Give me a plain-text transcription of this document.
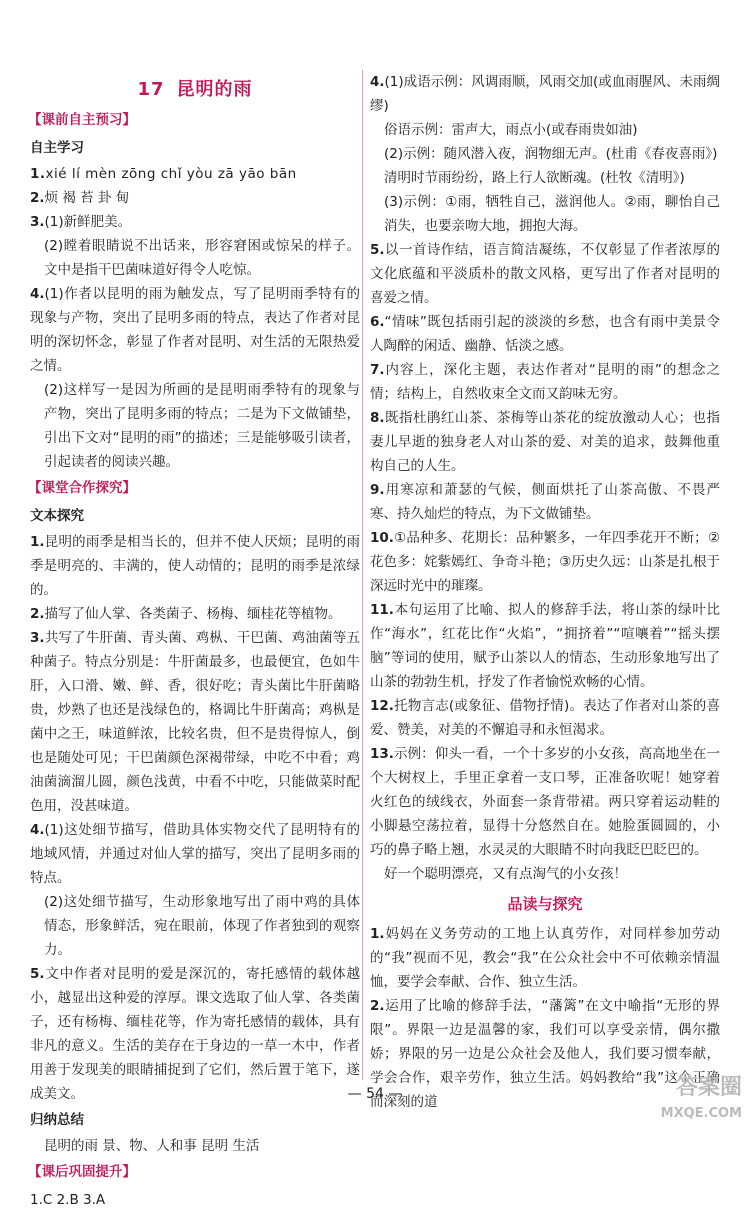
17 昆明的雨
【课前自主预习】
自主学习

1.xié lí mèn zōng chǐ yòu zā yāo bān

2.烦 褐 苔 卦 甸

3.(1)新鲜肥美。

(2)瞠着眼睛说不出话来，形容窘困或惊呆的样子。文中是指干巴菌味道好得令人吃惊。

4.(1)作者以昆明的雨为触发点，写了昆明雨季特有的现象与产物，突出了昆明多雨的特点，表达了作者对昆明的深切怀念，彰显了作者对昆明、对生活的无限热爱之情。

(2)这样写一是因为所画的是昆明雨季特有的现象与产物，突出了昆明多雨的特点；二是为下文做铺垫，引出下文对“昆明的雨”的描述；三是能够吸引读者，引起读者的阅读兴趣。

【课堂合作探究】
文本探究

1.昆明的雨季是相当长的，但并不使人厌烦；昆明的雨季是明亮的、丰满的，使人动情的；昆明的雨季是浓绿的。

2.描写了仙人掌、各类菌子、杨梅、缅桂花等植物。

3.共写了牛肝菌、青头菌、鸡枞、干巴菌、鸡油菌等五种菌子。特点分别是：牛肝菌最多，也最便宜，色如牛肝，入口滑、嫩、鲜、香，很好吃；青头菌比牛肝菌略贵，炒熟了也还是浅绿色的，格调比牛肝菌高；鸡枞是菌中之王，味道鲜浓，比较名贵，但不是贵得惊人，倒也是随处可见；干巴菌颜色深褐带绿，中吃不中看；鸡油菌滴溜儿圆，颜色浅黄，中看不中吃，只能做菜时配色用，没甚味道。

4.(1)这处细节描写，借助具体实物交代了昆明特有的地域风情，并通过对仙人掌的描写，突出了昆明多雨的特点。

(2)这处细节描写，生动形象地写出了雨中鸡的具体情态，形象鲜活，宛在眼前，体现了作者独到的观察力。

5.文中作者对昆明的爱是深沉的，寄托感情的载体越小，越显出这种爱的淳厚。课文选取了仙人掌、各类菌子，还有杨梅、缅桂花等，作为寄托感情的载体，具有非凡的意义。生活的美存在于身边的一草一木中，作者用善于发现美的眼睛捕捉到了它们，然后置于笔下，遂成美文。

归纳总结

昆明的雨 景、物、人和事 昆明 生活

【课后巩固提升】

1.C 2.B 3.A

4.(1)成语示例：风调雨顺，风雨交加(或血雨腥风、未雨绸缪)

俗语示例：雷声大，雨点小(或春雨贵如油)

(2)示例：随风潜入夜，润物细无声。(杜甫《春夜喜雨》)

清明时节雨纷纷，路上行人欲断魂。(杜牧《清明》)

(3)示例：①雨，牺牲自己，滋润他人。②雨，聊怡自己消失，也要亲吻大地，拥抱大海。

5.以一首诗作结，语言简洁凝练，不仅彰显了作者浓厚的文化底蕴和平淡质朴的散文风格，更写出了作者对昆明的喜爱之情。

6.“情味”既包括雨引起的淡淡的乡愁，也含有雨中美景令人陶醉的闲适、幽静、恬淡之感。

7.内容上，深化主题，表达作者对“昆明的雨”的想念之情；结构上，自然收束全文而又韵味无穷。

8.既指杜鹃红山茶、茶梅等山茶花的绽放激动人心；也指妻儿早逝的独身老人对山茶的爱、对美的追求，鼓舞他重构自己的人生。

9.用寒凉和萧瑟的气候，侧面烘托了山茶高傲、不畏严寒、持久灿烂的特点，为下文做铺垫。

10.①品种多、花期长：品种繁多，一年四季花开不断；②花色多：姹紫嫣红、争奇斗艳；③历史久远：山茶是扎根于深远时光中的璀璨。

11.本句运用了比喻、拟人的修辞手法，将山茶的绿叶比作“海水”，红花比作“火焰”，“拥挤着”“喧嚷着”“摇头摆脑”等词的使用，赋予山茶以人的情态，生动形象地写出了山茶的勃勃生机，抒发了作者愉悦欢畅的心情。

12.托物言志(或象征、借物抒情)。表达了作者对山茶的喜爱、赞美，对美的不懈追寻和永恒渴求。

13.示例：仰头一看，一个十多岁的小女孩，高高地坐在一个大树杈上，手里正拿着一支口琴，正准备吹呢！她穿着火红色的绒线衣，外面套一条背带裙。两只穿着运动鞋的小脚悬空荡拉着，显得十分悠然自在。她脸蛋圆圆的，小巧的鼻子略上翘，水灵灵的大眼睛不时向我眨巴眨巴的。

好一个聪明漂亮，又有点淘气的小女孩！

品读与探究

1.妈妈在义务劳动的工地上认真劳作，对同样参加劳动的“我”视而不见，教会“我”在公众社会中不可依赖亲情温恤，要学会奉献、合作、独立生活。

2.运用了比喻的修辞手法，“藩篱”在文中喻指“无形的界限”。界限一边是温馨的家，我们可以享受亲情，偶尔撒娇；界限的另一边是公众社会及他人，我们要习惯奉献，学会合作，艰辛劳作，独立生活。妈妈教给“我”这个正确而深刻的道

— 54 —	答案圈
MXQE.COM
